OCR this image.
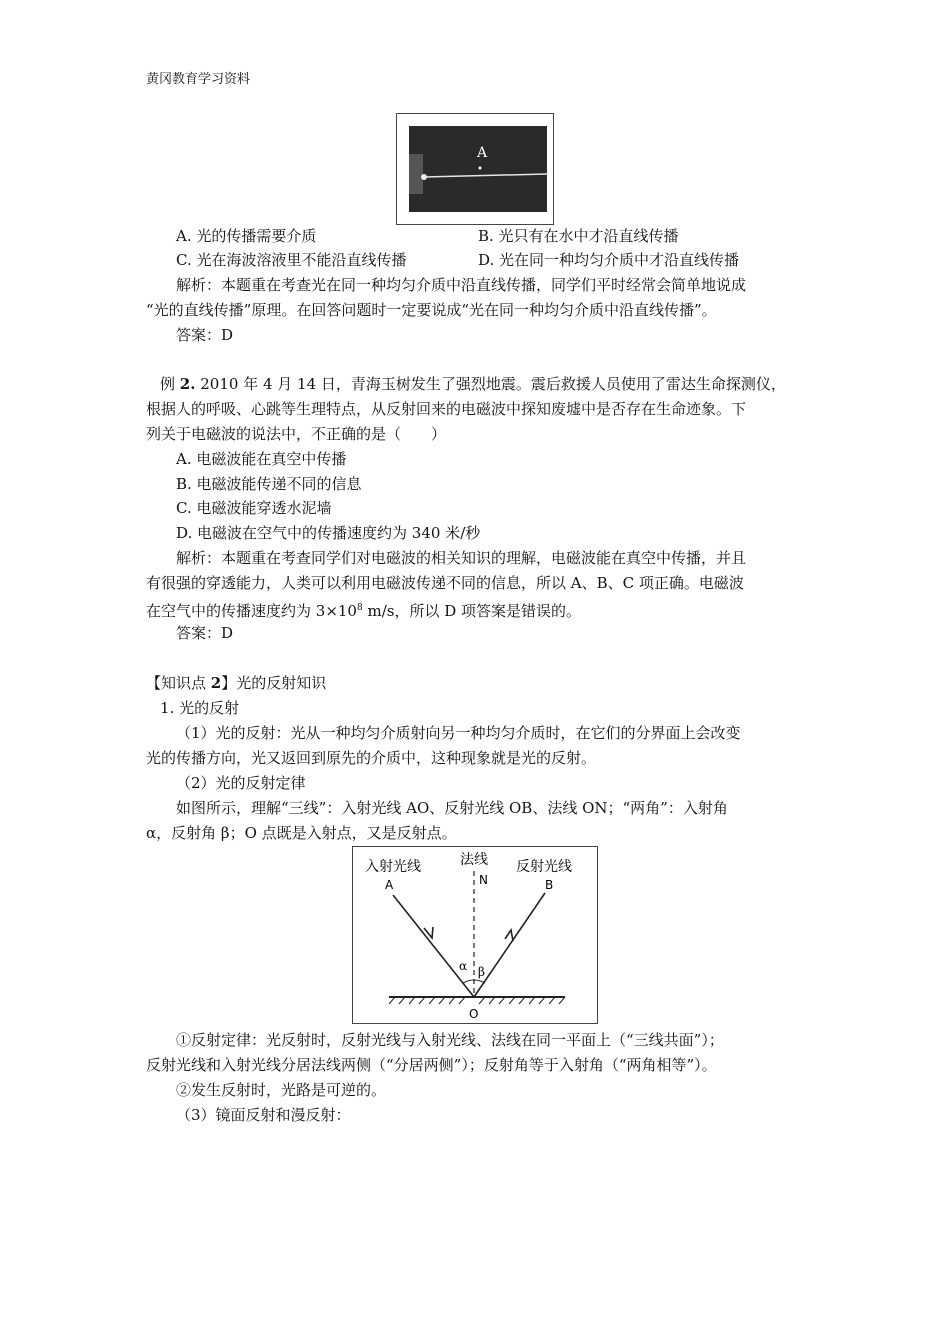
黄冈教育学习资料
A
A. 光的传播需要介质	B. 光只有在水中才沿直线传播
C. 光在海波溶液里不能沿直线传播	D. 光在同一种均匀介质中才沿直线传播
解析：本题重在考查光在同一种均匀介质中沿直线传播，同学们平时经常会简单地说成
“光的直线传播”原理。在回答问题时一定要说成“光在同一种均匀介质中沿直线传播”。
答案：D
例 2. 2010 年 4 月 14 日，青海玉树发生了强烈地震。震后救援人员使用了雷达生命探测仪，
根据人的呼吸、心跳等生理特点，从反射回来的电磁波中探知废墟中是否存在生命迹象。下
列关于电磁波的说法中，不正确的是（　　）
A. 电磁波能在真空中传播
B. 电磁波能传递不同的信息
C. 电磁波能穿透水泥墙
D. 电磁波在空气中的传播速度约为 340 米/秒
解析：本题重在考查同学们对电磁波的相关知识的理解，电磁波能在真空中传播，并且
有很强的穿透能力，人类可以利用电磁波传递不同的信息，所以 A、B、C 项正确。电磁波
在空气中的传播速度约为 $3\times 10^8$ m/s，所以 D 项答案是错误的。
答案：D
【知识点 2】光的反射知识
1. 光的反射
（1）光的反射：光从一种均匀介质射向另一种均匀介质时，在它们的分界面上会改变
光的传播方向，光又返回到原先的介质中，这种现象就是光的反射。
（2）光的反射定律
如图所示，理解“三线”：入射光线 AO、反射光线 OB、法线 ON；“两角”：入射角
α，反射角 β；O 点既是入射点，又是反射点。
入射光线	法线 反射光线
A	N	B
α β
O
①反射定律：光反射时，反射光线与入射光线、法线在同一平面上（“三线共面”）；
反射光线和入射光线分居法线两侧（“分居两侧”）；反射角等于入射角（“两角相等”）。
②发生反射时，光路是可逆的。
（3）镜面反射和漫反射：
